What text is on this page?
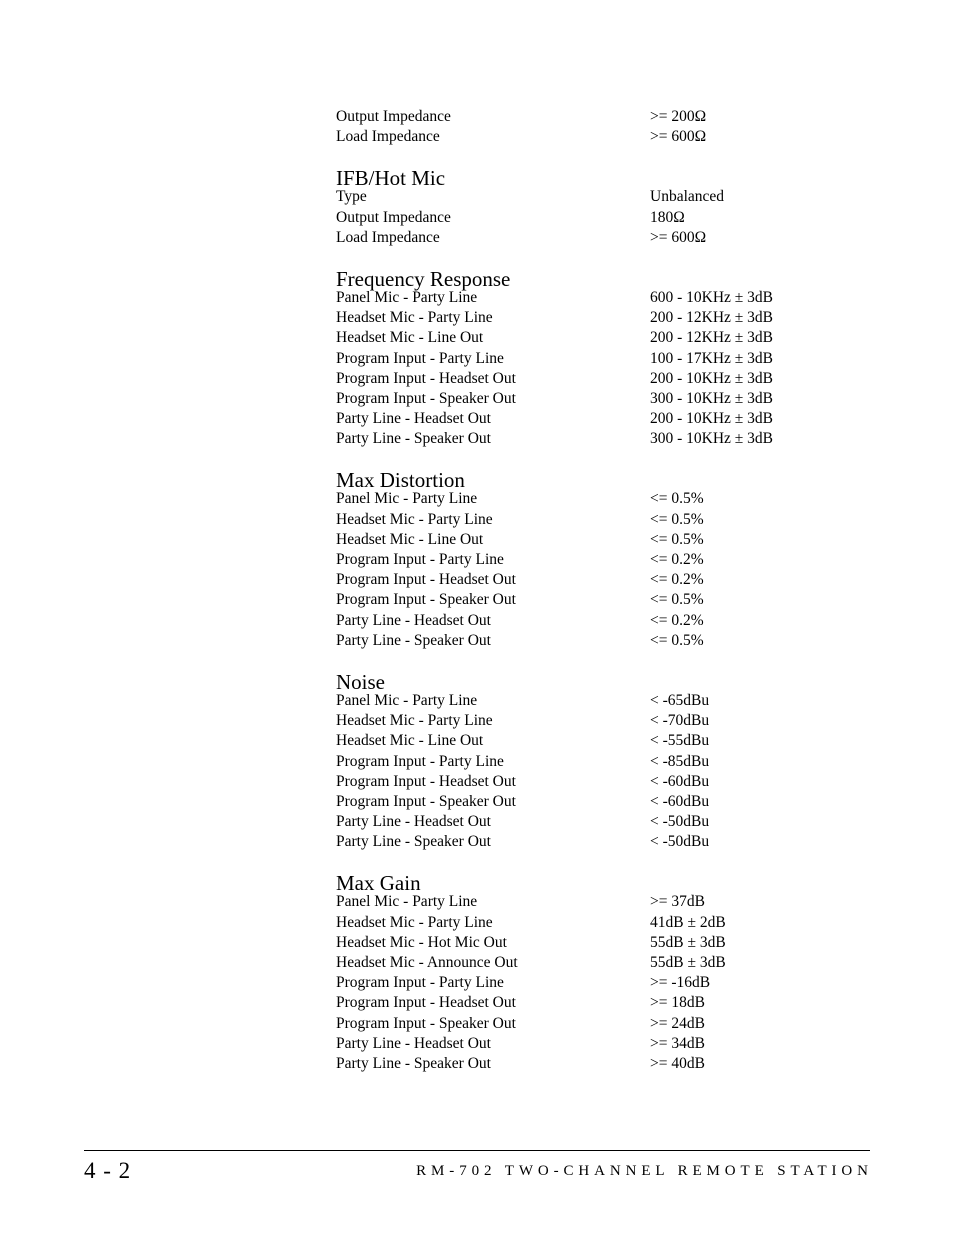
Output Impedance	>= 200Ω
Load Impedance	>= 600Ω
IFB/Hot Mic
Type	Unbalanced
Output Impedance	180Ω
Load Impedance	>= 600Ω
Frequency Response
Panel Mic - Party Line	600 - 10KHz ± 3dB
Headset Mic - Party Line	200 - 12KHz ± 3dB
Headset Mic - Line Out	200 - 12KHz ± 3dB
Program Input - Party Line	100 - 17KHz ± 3dB
Program Input - Headset Out	200 - 10KHz ± 3dB
Program Input - Speaker Out	300 - 10KHz ± 3dB
Party Line - Headset Out	200 - 10KHz ± 3dB
Party Line - Speaker Out	300 - 10KHz ± 3dB
Max Distortion
Panel Mic - Party Line	<= 0.5%
Headset Mic - Party Line	<= 0.5%
Headset Mic - Line Out	<= 0.5%
Program Input - Party Line	<= 0.2%
Program Input - Headset Out	<= 0.2%
Program Input - Speaker Out	<= 0.5%
Party Line - Headset Out	<= 0.2%
Party Line - Speaker Out	<= 0.5%
Noise
Panel Mic - Party Line	< -65dBu
Headset Mic - Party Line	< -70dBu
Headset Mic - Line Out	< -55dBu
Program Input - Party Line	< -85dBu
Program Input - Headset Out	< -60dBu
Program Input - Speaker Out	< -60dBu
Party Line - Headset Out	< -50dBu
Party Line - Speaker Out	< -50dBu
Max Gain
Panel Mic - Party Line	>= 37dB
Headset Mic - Party Line	41dB ± 2dB
Headset Mic - Hot Mic Out	55dB ± 3dB
Headset Mic - Announce Out	55dB ± 3dB
Program Input - Party Line	>= -16dB
Program Input - Headset Out	>= 18dB
Program Input - Speaker Out	>= 24dB
Party Line - Headset Out	>= 34dB
Party Line - Speaker Out	>= 40dB
4 - 2	RM-702 TWO-CHANNEL REMOTE STATION
